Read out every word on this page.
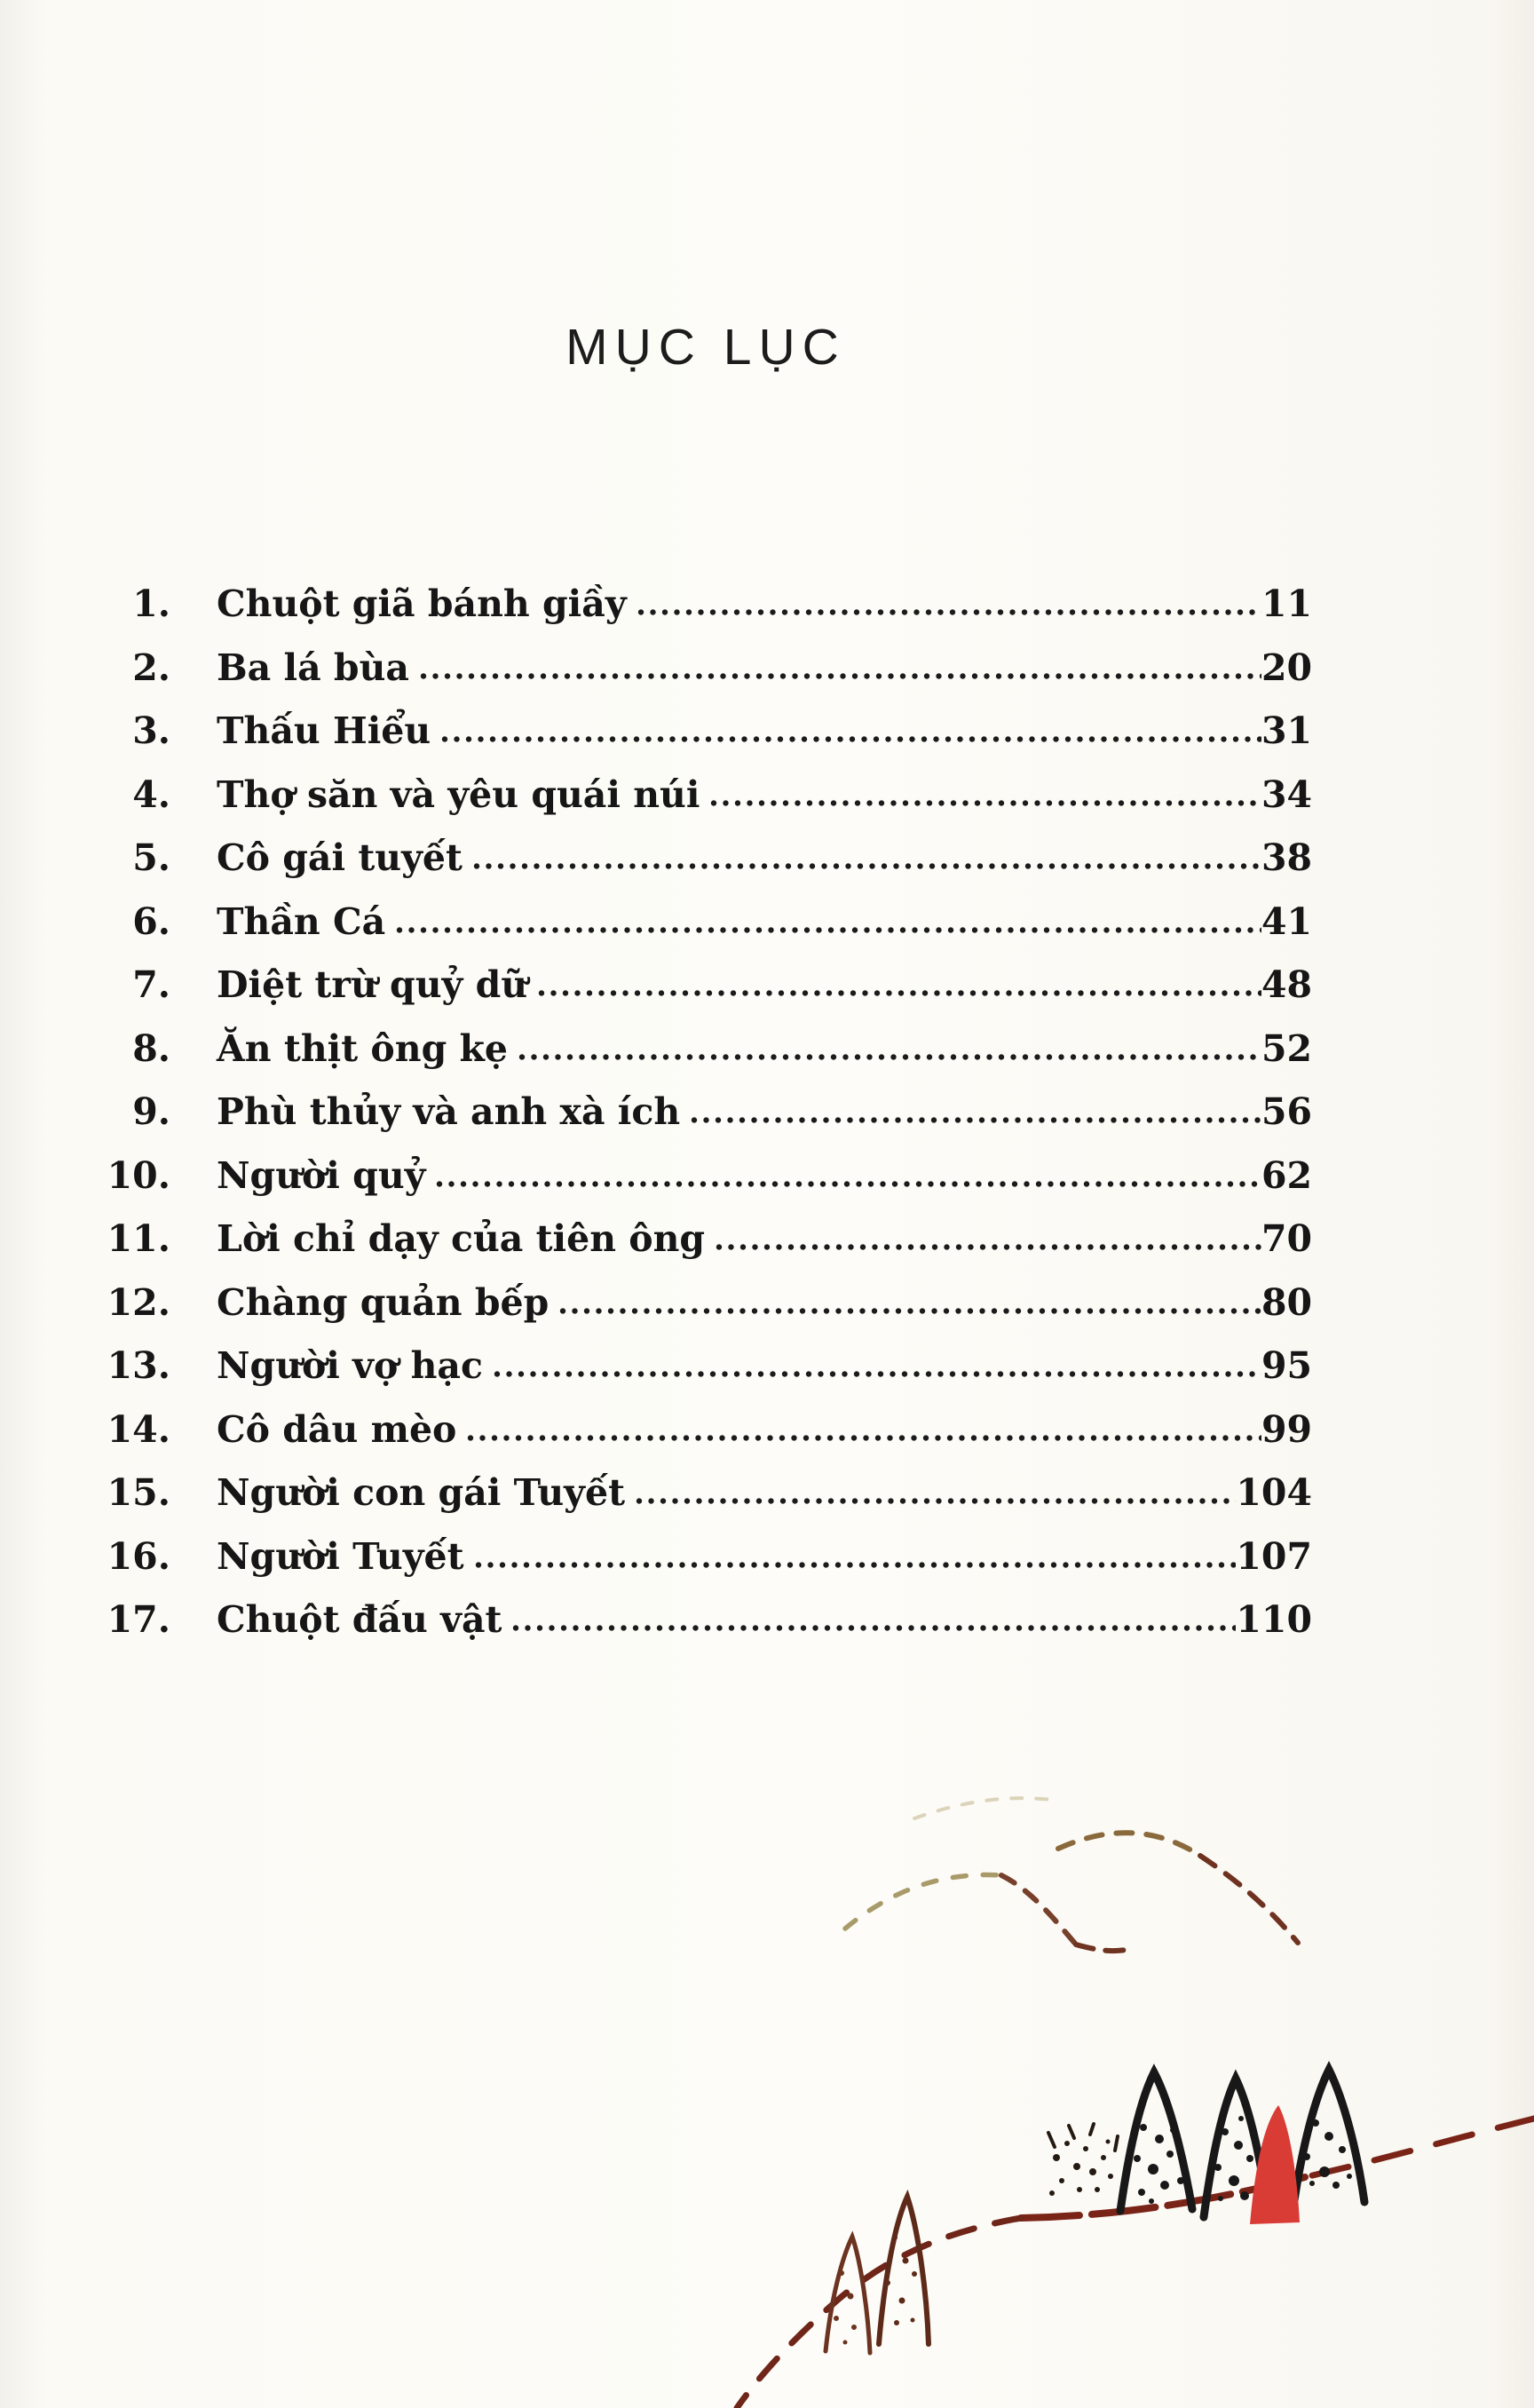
MỤC LỤC
1. Chuột giã bánh giầy	11
2. Ba lá bùa	20
3. Thấu Hiểu	31
4. Thợ săn và yêu quái núi	34
5. Cô gái tuyết	38
6. Thần Cá	41
7. Diệt trừ quỷ dữ	48
8. Ăn thịt ông kẹ	52
9. Phù thủy và anh xà ích	56
10. Người quỷ	62
11. Lời chỉ dạy của tiên ông	70
12. Chàng quản bếp	80
13. Người vợ hạc	95
14. Cô dâu mèo	99
15. Người con gái Tuyết	104
16. Người Tuyết	107
17. Chuột đấu vật	110
